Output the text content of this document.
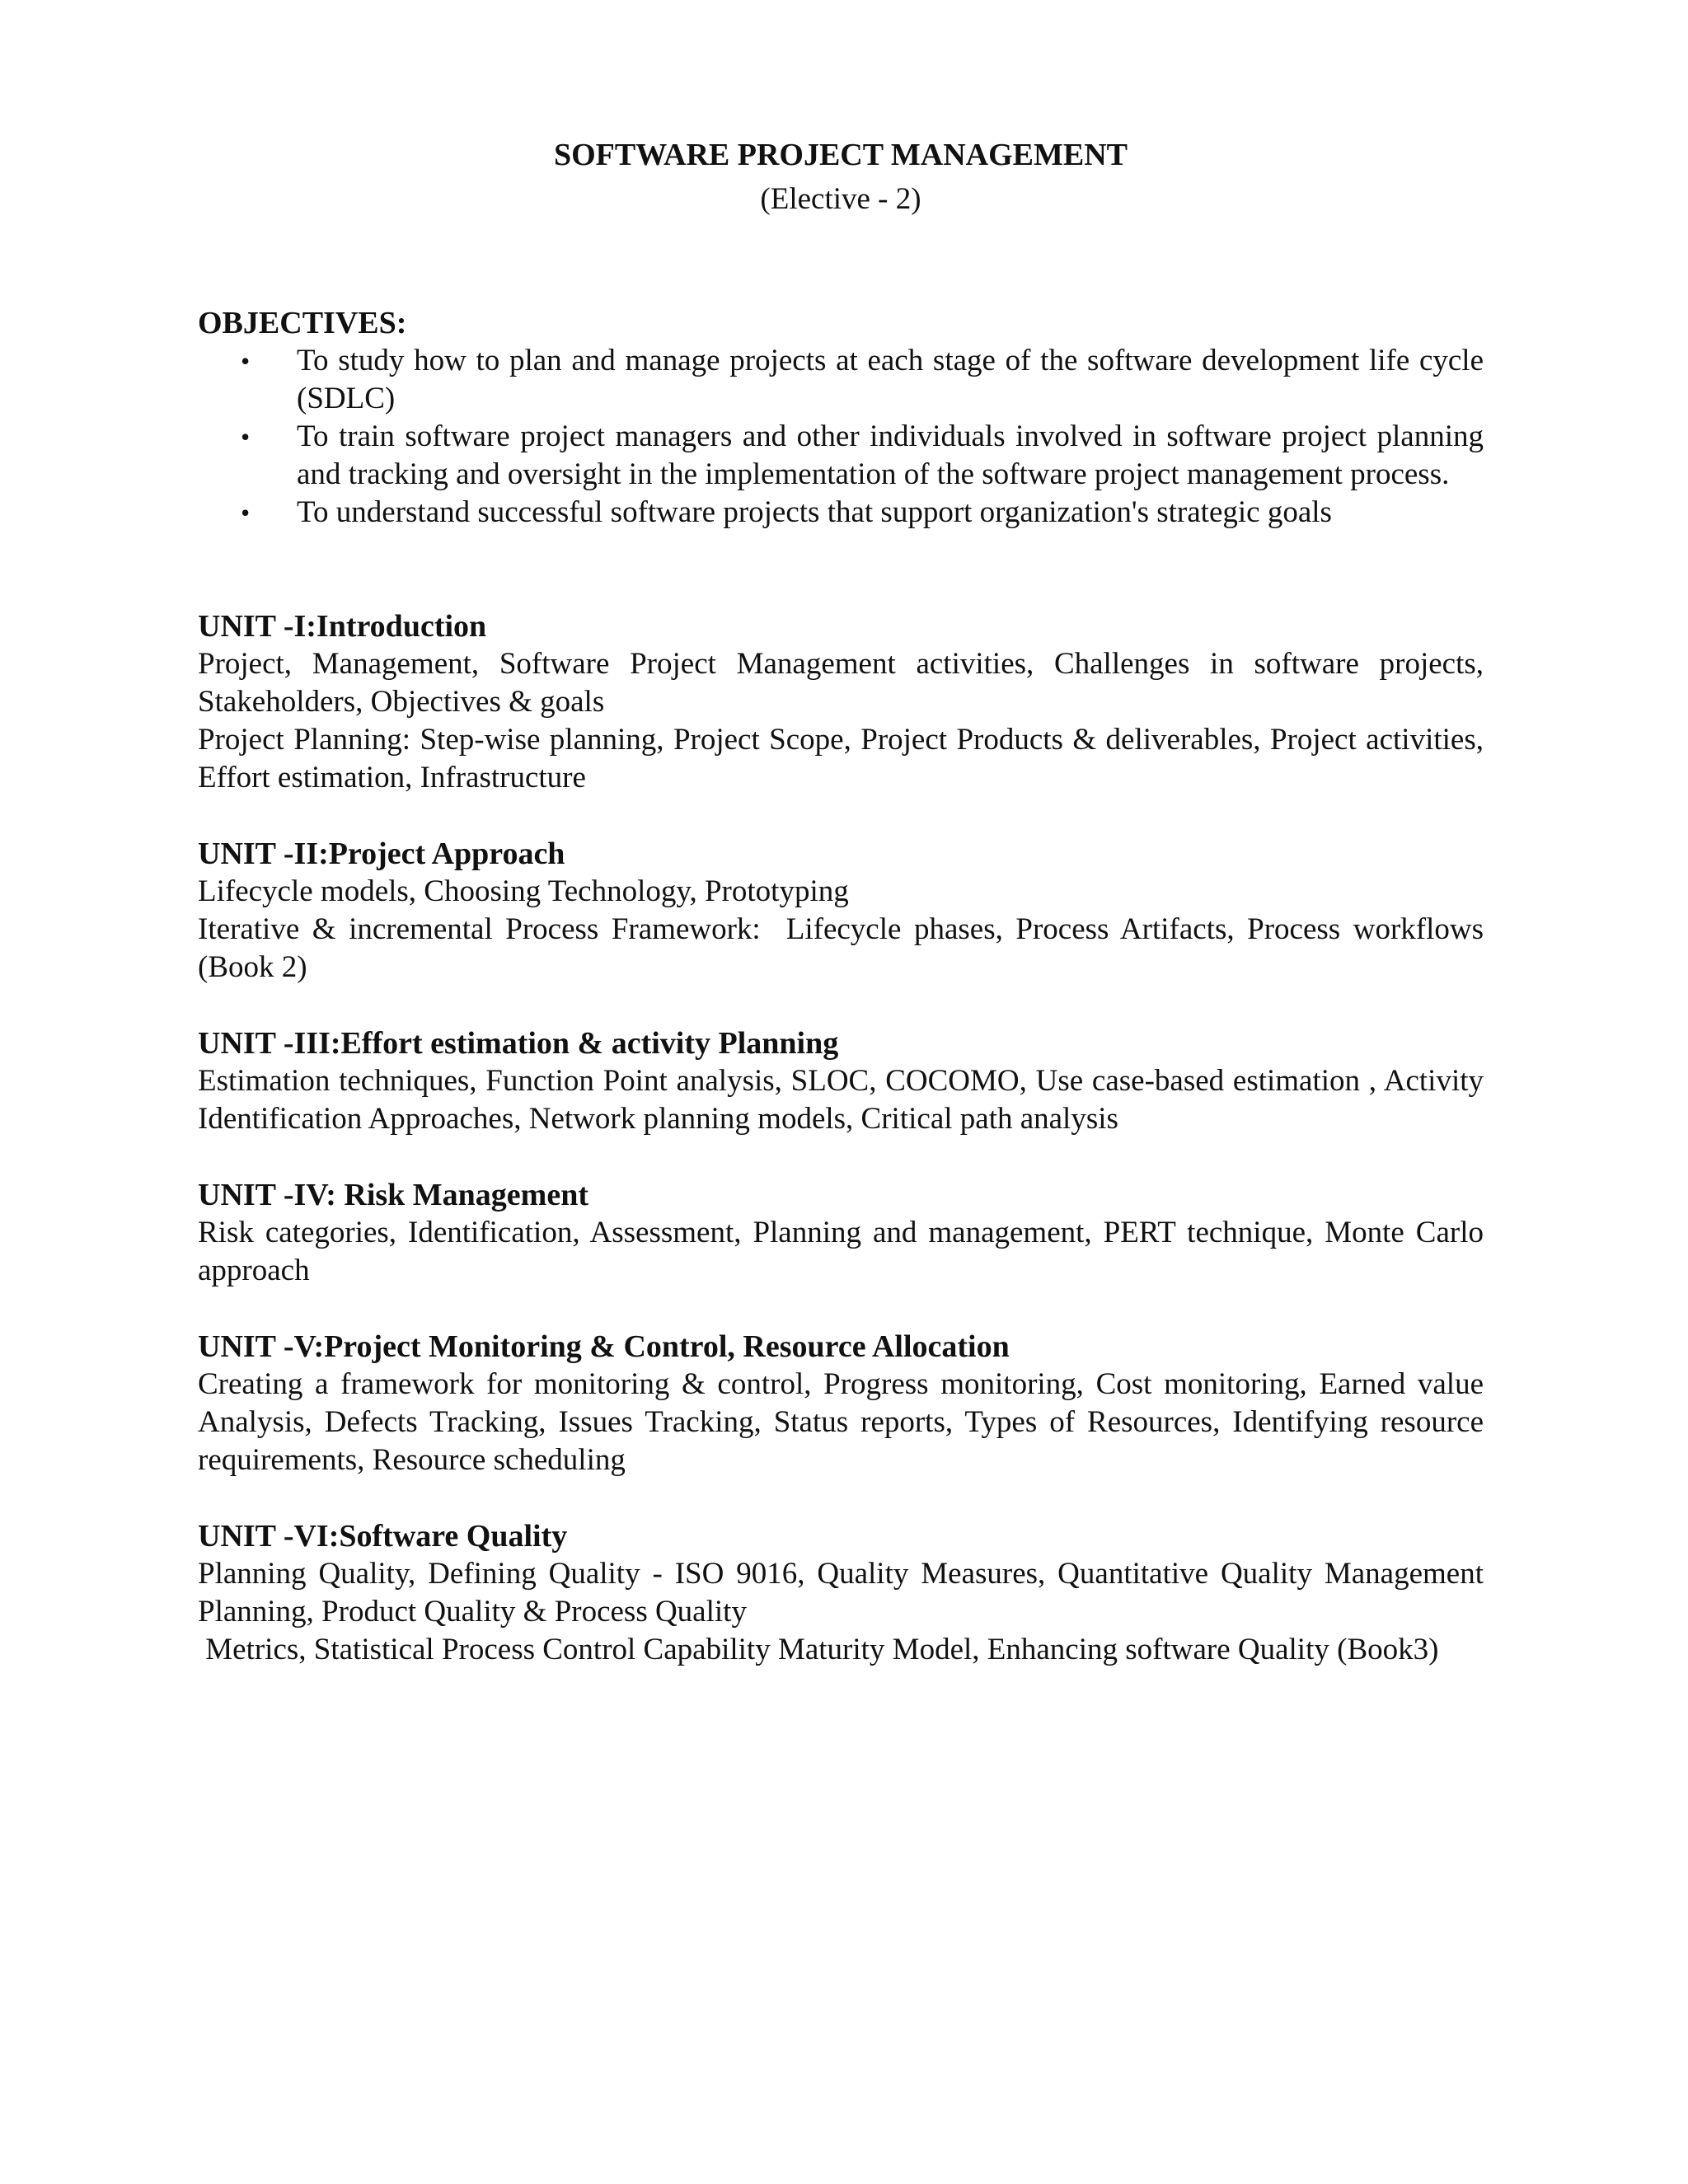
SOFTWARE PROJECT MANAGEMENT

(Elective - 2)

OBJECTIVES:
• To study how to plan and manage projects at each stage of the software development life cycle (SDLC)
• To train software project managers and other individuals involved in software project planning and tracking and oversight in the implementation of the software project management process.
• To understand successful software projects that support organization's strategic goals
UNIT -I:Introduction

Project, Management, Software Project Management activities, Challenges in software projects, Stakeholders, Objectives & goals

Project Planning: Step-wise planning, Project Scope, Project Products & deliverables, Project activities, Effort estimation, Infrastructure

UNIT -II:Project Approach

Lifecycle models, Choosing Technology, Prototyping

Iterative & incremental Process Framework:  Lifecycle phases, Process Artifacts, Process workflows (Book 2)

UNIT -III:Effort estimation & activity Planning

Estimation techniques, Function Point analysis, SLOC, COCOMO, Use case-based estimation , Activity Identification Approaches, Network planning models, Critical path analysis

UNIT -IV: Risk Management

Risk categories, Identification, Assessment, Planning and management, PERT technique, Monte Carlo approach

UNIT -V:Project Monitoring & Control, Resource Allocation

Creating a framework for monitoring & control, Progress monitoring, Cost monitoring, Earned value Analysis, Defects Tracking, Issues Tracking, Status reports, Types of Resources, Identifying resource requirements, Resource scheduling

UNIT -VI:Software Quality

Planning Quality, Defining Quality - ISO 9016, Quality Measures, Quantitative Quality Management Planning, Product Quality & Process Quality

Metrics, Statistical Process Control Capability Maturity Model, Enhancing software Quality (Book3)
